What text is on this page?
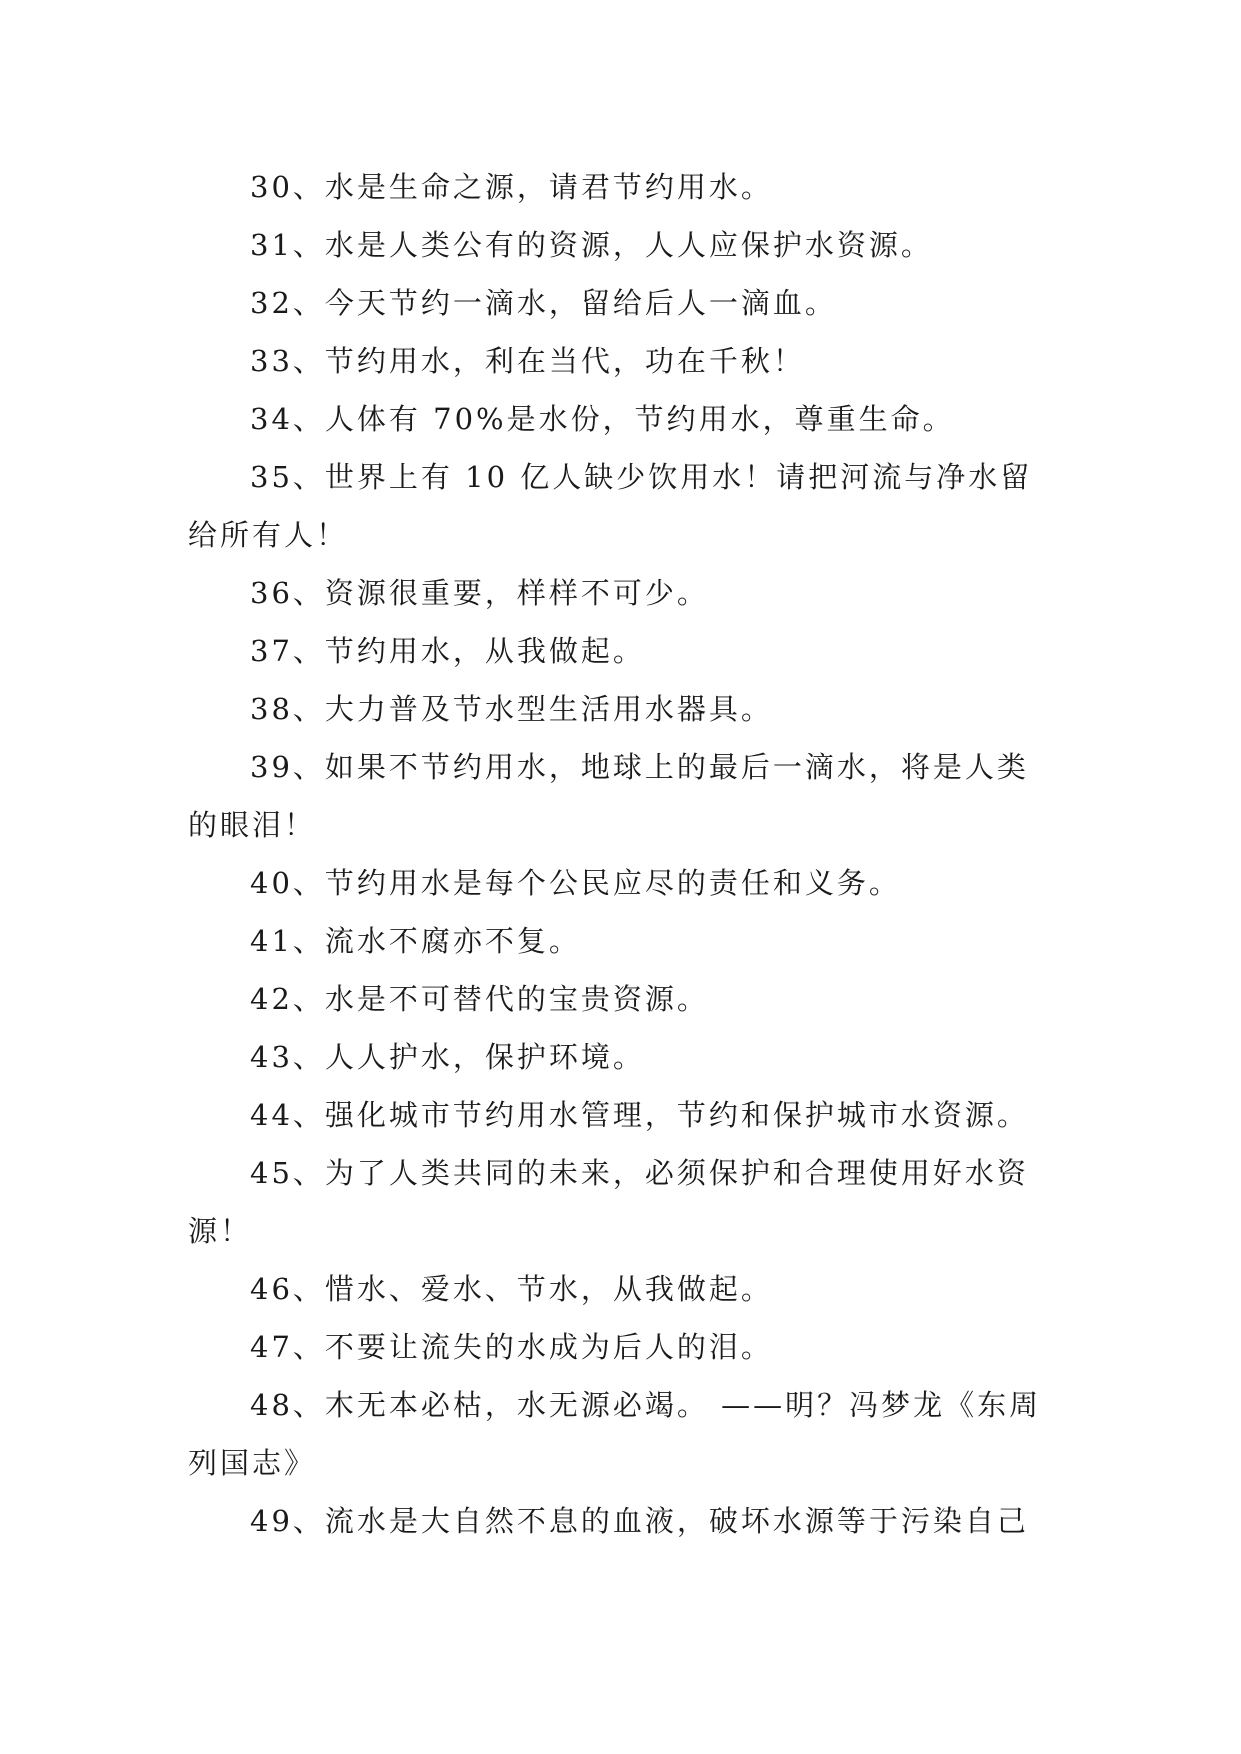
30、水是生命之源，请君节约用水。

31、水是人类公有的资源，人人应保护水资源。

32、今天节约一滴水，留给后人一滴血。

33、节约用水，利在当代，功在千秋！

34、人体有 70%是水份，节约用水，尊重生命。

35、世界上有 10 亿人缺少饮用水！请把河流与净水留给所有人！

36、资源很重要，样样不可少。

37、节约用水，从我做起。

38、大力普及节水型生活用水器具。

39、如果不节约用水，地球上的最后一滴水，将是人类的眼泪！

40、节约用水是每个公民应尽的责任和义务。

41、流水不腐亦不复。

42、水是不可替代的宝贵资源。

43、人人护水，保护环境。

44、强化城市节约用水管理，节约和保护城市水资源。

45、为了人类共同的未来，必须保护和合理使用好水资源！

46、惜水、爱水、节水，从我做起。

47、不要让流失的水成为后人的泪。

48、木无本必枯，水无源必竭。 ——明？冯梦龙《东周列国志》

49、流水是大自然不息的血液，破坏水源等于污染自己
